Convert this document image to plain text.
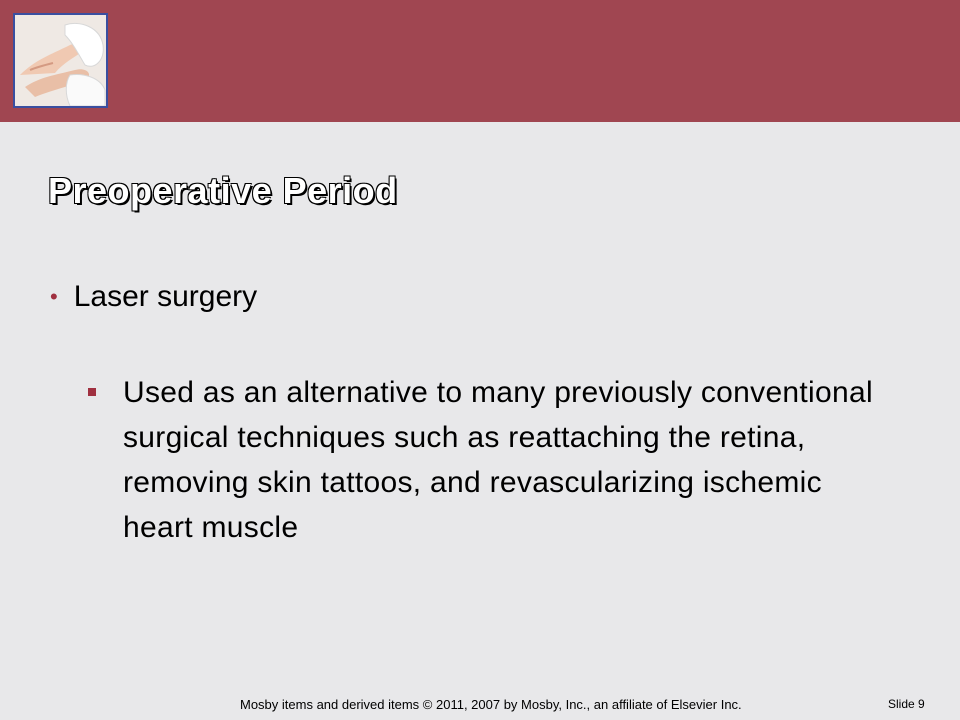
Preoperative Period
• Laser surgery
Used as an alternative to many previously conventional surgical techniques such as reattaching the retina, removing skin tattoos, and revascularizing ischemic heart muscle
Mosby items and derived items © 2011, 2007 by Mosby, Inc., an affiliate of Elsevier Inc.	Slide 9
